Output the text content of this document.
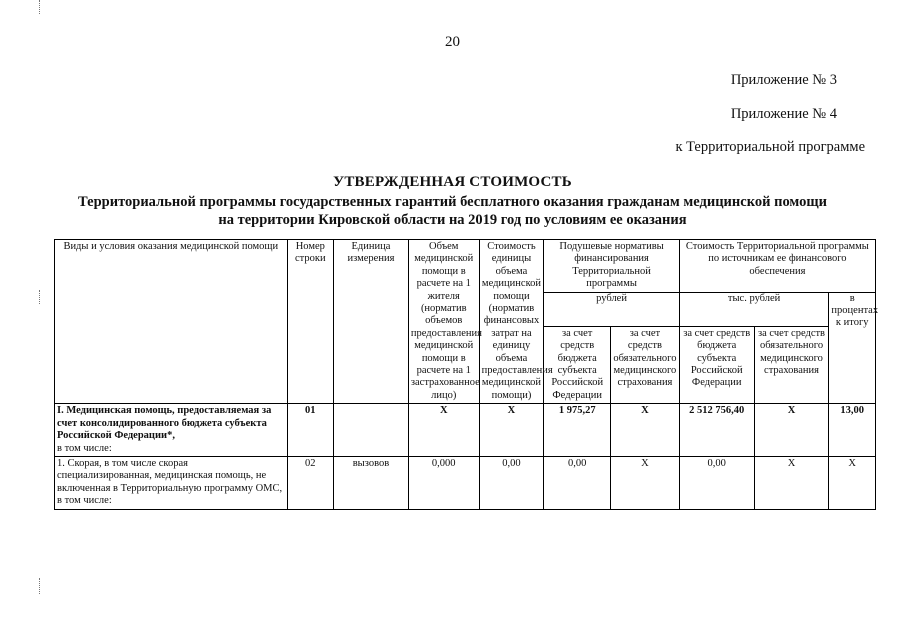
20
Приложение № 3
Приложение № 4
к Территориальной программе
УТВЕРЖДЕННАЯ СТОИМОСТЬ
Территориальной программы государственных гарантий бесплатного оказания гражданам медицинской помощи
на территории Кировской области на 2019 год по условиям ее оказания
Виды и условия оказания медицинской помощи	Номер строки	Единица измерения	Объем медицинской помощи в расчете на 1 жителя (норматив объемов предоставления медицинской помощи в расчете на 1 застрахованное лицо)	Стоимость единицы объема медицинской помощи (норматив финансовых затрат на единицу объема предоставления медицинской помощи)	Подушевые нормативы финансирования Территориальной программы		Стоимость Территориальной программы по источникам ее финансового обеспечения		
					рублей		тыс. рублей		в процентах к итогу
					за счет средств бюджета субъекта Российской Федерации	за счет средств обязательного медицинского страхования	за счет средств бюджета субъекта Российской Федерации	за счет средств обязательного медицинского страхования	
I. Медицинская помощь, предоставляемая за счет консолидированного бюджета субъекта Российской Федерации*,
в том числе:	01		X	X	1 975,27	X	2 512 756,40	X	13,00
1. Скорая, в том числе скорая специализированная, медицинская помощь, не включенная в Территориальную программу ОМС, в том числе:	02	вызовов	0,000	0,00	0,00	X	0,00	X	X
